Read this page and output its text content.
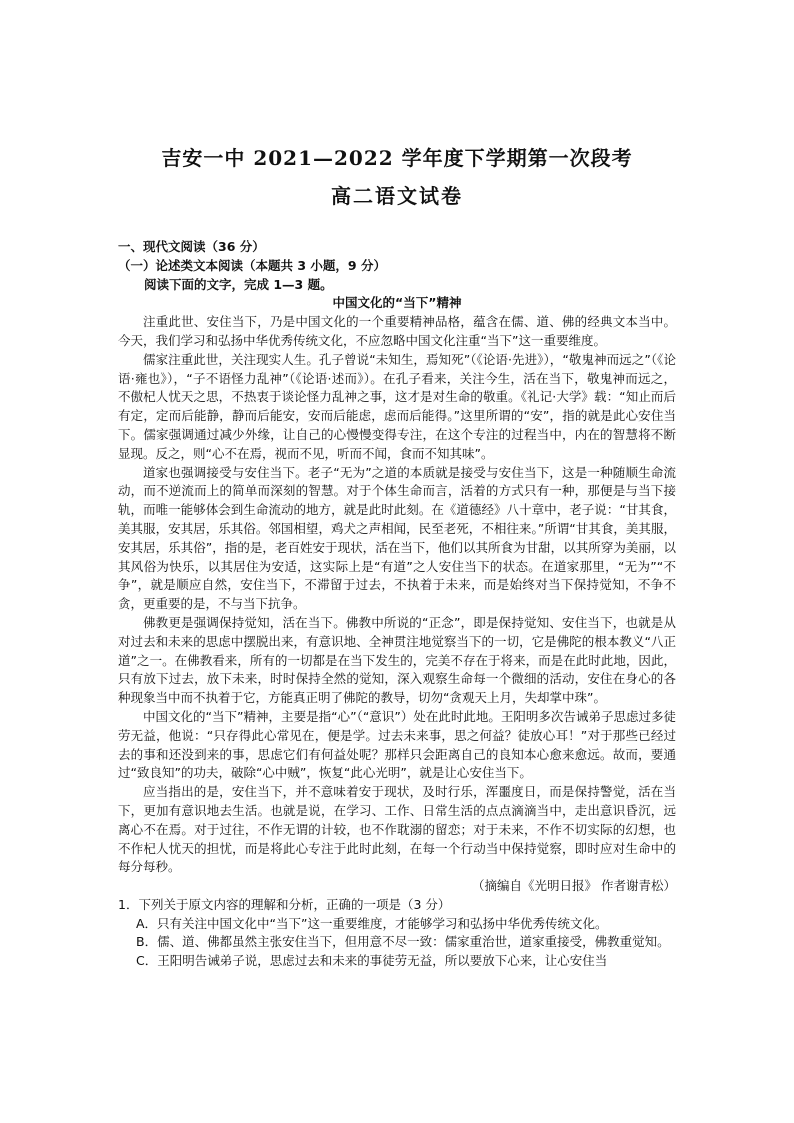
吉安一中 2021—2022 学年度下学期第一次段考
高二语文试卷

一、现代文阅读（36 分）

（一）论述类文本阅读（本题共 3 小题，9 分）

阅读下面的文字，完成 1—3 题。

中国文化的“当下”精神

注重此世、安住当下，乃是中国文化的一个重要精神品格，蕴含在儒、道、佛的经典文本当中。今天，我们学习和弘扬中华优秀传统文化，不应忽略中国文化注重“当下”这一重要维度。

儒家注重此世，关注现实人生。孔子曾说“未知生，焉知死”（《论语·先进》），“敬鬼神而远之”（《论语·雍也》），“子不语怪力乱神”（《论语·述而》）。在孔子看来，关注今生，活在当下，敬鬼神而远之，不傲杞人忧天之思，不热衷于谈论怪力乱神之事，这才是对生命的敬重。《礼记·大学》载：“知止而后有定，定而后能静，静而后能安，安而后能虑，虑而后能得。”这里所谓的“安”，指的就是此心安住当下。儒家强调通过减少外缘，让自己的心慢慢变得专注，在这个专注的过程当中，内在的智慧将不断显现。反之，则“心不在焉，视而不见，听而不闻，食而不知其味”。

道家也强调接受与安住当下。老子“无为”之道的本质就是接受与安住当下，这是一种随顺生命流动，而不逆流而上的简单而深刻的智慧。对于个体生命而言，活着的方式只有一种，那便是与当下接轨，而唯一能够体会到生命流动的地方，就是此时此刻。在《道德经》八十章中，老子说：“甘其食，美其服，安其居，乐其俗。邻国相望，鸡犬之声相闻，民至老死，不相往来。”所谓“甘其食，美其服，安其居，乐其俗”，指的是，老百姓安于现状，活在当下，他们以其所食为甘甜，以其所穿为美丽，以其风俗为快乐，以其居住为安适，这实际上是“有道”之人安住当下的状态。在道家那里，“无为”“不争”，就是顺应自然，安住当下，不滞留于过去，不执着于未来，而是始终对当下保持觉知，不争不贪，更重要的是，不与当下抗争。

佛教更是强调保持觉知，活在当下。佛教中所说的“正念”，即是保持觉知、安住当下，也就是从对过去和未来的思虑中摆脱出来，有意识地、全神贯注地觉察当下的一切，它是佛陀的根本教义“八正道”之一。在佛教看来，所有的一切都是在当下发生的，完美不存在于将来，而是在此时此地，因此，只有放下过去，放下未来，时时保持全然的觉知，深入观察生命每一个微细的活动，安住在身心的各种现象当中而不执着于它，方能真正明了佛陀的教导，切勿“贪观天上月，失却掌中珠”。

中国文化的“当下”精神，主要是指“心”（“意识”）处在此时此地。王阳明多次告诫弟子思虑过多徒劳无益，他说：“只存得此心常见在，便是学。过去未来事，思之何益？徒放心耳！”对于那些已经过去的事和还没到来的事，思虑它们有何益处呢？那样只会距离自己的良知本心愈来愈远。故而，要通过“致良知”的功夫，破除“心中贼”，恢复“此心光明”，就是让心安住当下。

应当指出的是，安住当下，并不意味着安于现状，及时行乐，浑噩度日，而是保持警觉，活在当下，更加有意识地去生活。也就是说，在学习、工作、日常生活的点点滴滴当中，走出意识昏沉，远离心不在焉。对于过往，不作无谓的计较，也不作耽溺的留恋；对于未来，不作不切实际的幻想，也不作杞人忧天的担忧，而是将此心专注于此时此刻，在每一个行动当中保持觉察，即时应对生命中的每分每秒。

（摘编自《光明日报》 作者谢青松）

1．下列关于原文内容的理解和分析，正确的一项是（3 分）

A．只有关注中国文化中“当下”这一重要维度，才能够学习和弘扬中华优秀传统文化。

B．儒、道、佛都虽然主张安住当下，但用意不尽一致：儒家重治世，道家重接受，佛教重觉知。

C．王阳明告诫弟子说，思虑过去和未来的事徒劳无益，所以要放下心来，让心安住当
